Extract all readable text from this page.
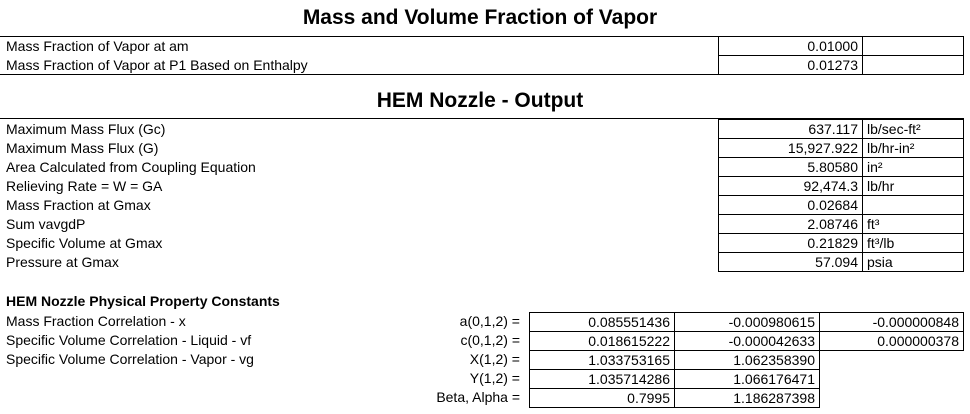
Mass and Volume Fraction of Vapor
Mass Fraction of Vapor at am	0.01000
Mass Fraction of Vapor at P1 Based on Enthalpy	0.01273
HEM Nozzle - Output
Maximum Mass Flux (Gc)	637.117 lb/sec-ft²
Maximum Mass Flux (G)	15,927.922 lb/hr-in²
Area Calculated from Coupling Equation	5.80580 in²
Relieving Rate = W = GA	92,474.3 lb/hr
Mass Fraction at Gmax	0.02684
Sum vavgdP	2.08746 ft³
Specific Volume at Gmax	0.21829 ft³/lb
Pressure at Gmax	57.094 psia
HEM Nozzle Physical Property Constants
Mass Fraction Correlation - x	a(0,1,2) =	0.085551436	-0.000980615	-0.000000848
Specific Volume Correlation - Liquid - vf	c(0,1,2) =	0.018615222	-0.000042633	0.000000378
Specific Volume Correlation - Vapor - vg	X(1,2) =	1.033753165	1.062358390
Y(1,2) =	1.035714286	1.066176471
Beta, Alpha =	0.7995	1.186287398
